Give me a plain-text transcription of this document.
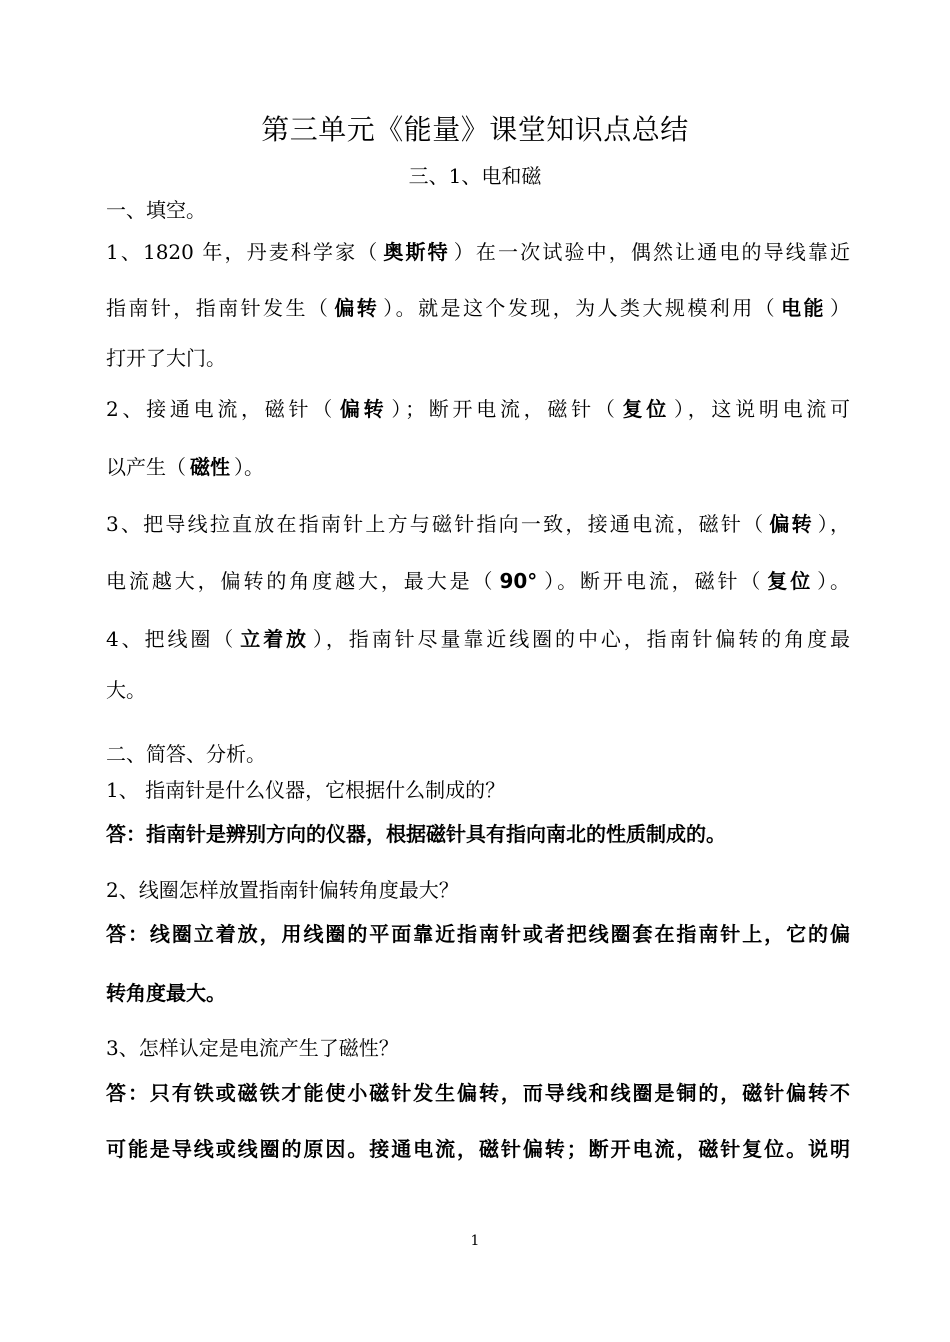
第三单元《能量》课堂知识点总结
三、1、电和磁
一、填空。
1、1820 年，丹麦科学家（ 奥斯特 ）在一次试验中，偶然让通电的导线靠近
指南针，指南针发生（ 偏转 ）。就是这个发现，为人类大规模利用（ 电能 ）
打开了大门。
2、接通电流，磁针（ 偏转 ）；断开电流，磁针（ 复位 ），这说明电流可
以产生（ 磁性 ）。
3、把导线拉直放在指南针上方与磁针指向一致，接通电流，磁针（ 偏转 ），
电流越大，偏转的角度越大，最大是（ 90° ）。断开电流，磁针（ 复位 ）。
4、把线圈（ 立着放 ），指南针尽量靠近线圈的中心，指南针偏转的角度最
大。
二、简答、分析。
1、 指南针是什么仪器，它根据什么制成的？
答：指南针是辨别方向的仪器，根据磁针具有指向南北的性质制成的。
2、线圈怎样放置指南针偏转角度最大？
答：线圈立着放，用线圈的平面靠近指南针或者把线圈套在指南针上，它的偏
转角度最大。
3、怎样认定是电流产生了磁性？
答：只有铁或磁铁才能使小磁针发生偏转，而导线和线圈是铜的，磁针偏转不
可能是导线或线圈的原因。接通电流，磁针偏转；断开电流，磁针复位。说明
1
